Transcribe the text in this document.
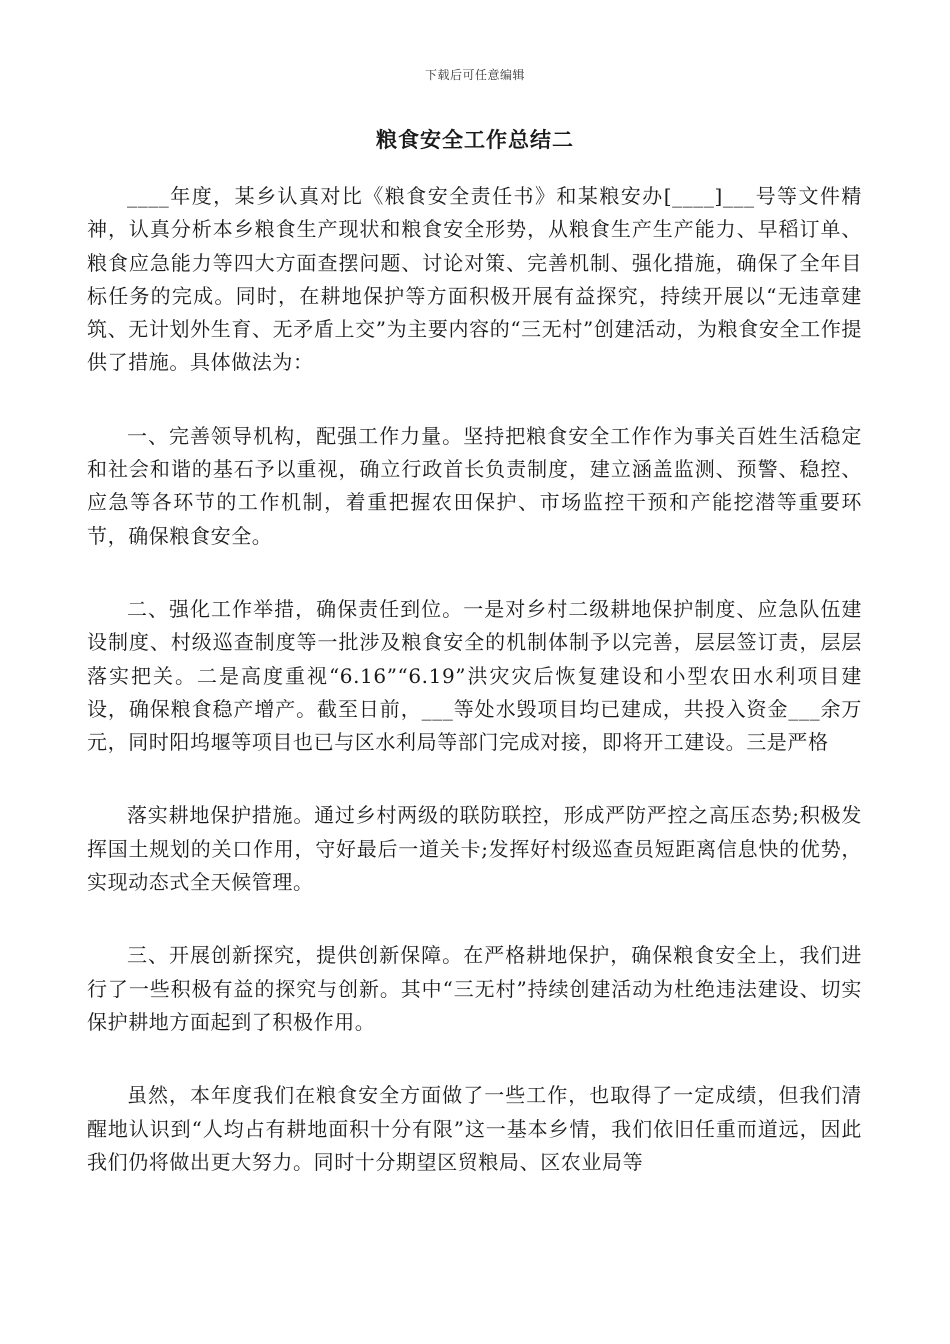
下载后可任意编辑
粮食安全工作总结二

____年度，某乡认真对比《粮食安全责任书》和某粮安办[____]___号等文件精神，认真分析本乡粮食生产现状和粮食安全形势，从粮食生产生产能力、早稻订单、粮食应急能力等四大方面查摆问题、讨论对策、完善机制、强化措施，确保了全年目标任务的完成。同时，在耕地保护等方面积极开展有益探究，持续开展以“无违章建筑、无计划外生育、无矛盾上交”为主要内容的“三无村”创建活动，为粮食安全工作提供了措施。具体做法为：

一、完善领导机构，配强工作力量。坚持把粮食安全工作作为事关百姓生活稳定和社会和谐的基石予以重视，确立行政首长负责制度，建立涵盖监测、预警、稳控、应急等各环节的工作机制，着重把握农田保护、市场监控干预和产能挖潜等重要环节，确保粮食安全。

二、强化工作举措，确保责任到位。一是对乡村二级耕地保护制度、应急队伍建设制度、村级巡查制度等一批涉及粮食安全的机制体制予以完善，层层签订责，层层落实把关。二是高度重视“6.16”“6.19”洪灾灾后恢复建设和小型农田水利项目建设，确保粮食稳产增产。截至日前，___等处水毁项目均已建成，共投入资金___余万元，同时阳坞堰等项目也已与区水利局等部门完成对接，即将开工建设。三是严格

落实耕地保护措施。通过乡村两级的联防联控，形成严防严控之高压态势;积极发挥国土规划的关口作用，守好最后一道关卡;发挥好村级巡查员短距离信息快的优势，实现动态式全天候管理。

三、开展创新探究，提供创新保障。在严格耕地保护，确保粮食安全上，我们进行了一些积极有益的探究与创新。其中“三无村”持续创建活动为杜绝违法建设、切实保护耕地方面起到了积极作用。

虽然，本年度我们在粮食安全方面做了一些工作，也取得了一定成绩，但我们清醒地认识到“人均占有耕地面积十分有限”这一基本乡情，我们依旧任重而道远，因此我们仍将做出更大努力。同时十分期望区贸粮局、区农业局等
